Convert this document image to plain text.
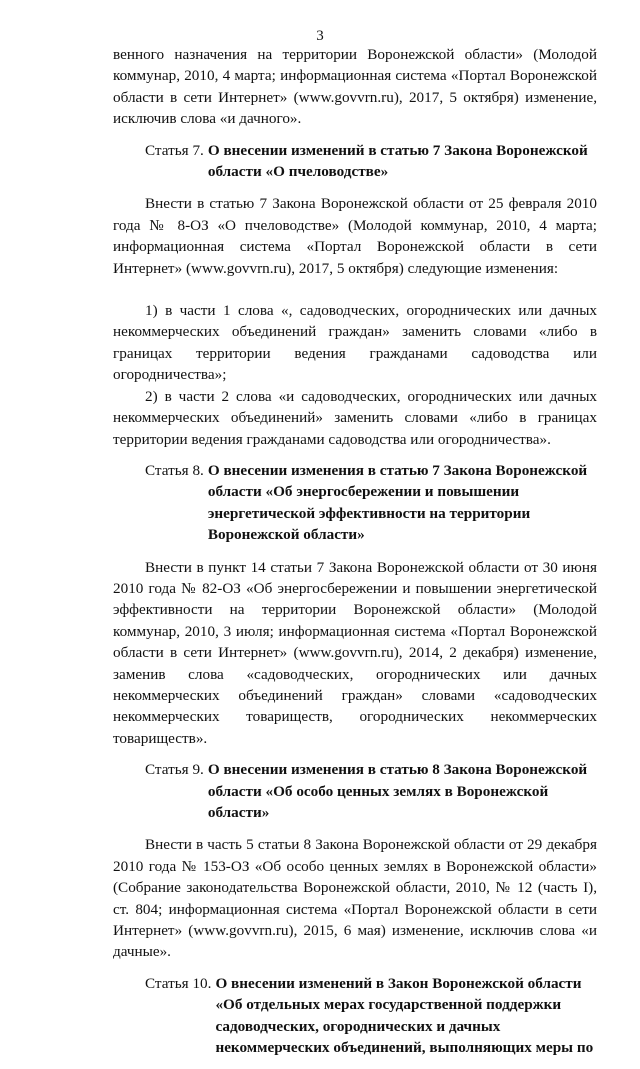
3

венного назначения на территории Воронежской области» (Молодой коммунар, 2010, 4 марта; информационная система «Портал Воронежской области в сети Интернет» (www.govvrn.ru), 2017, 5 октября) изменение, исключив слова «и дачного».

Статья 7. О внесении изменений в статью 7 Закона Воронежской области «О пчеловодстве»

Внести в статью 7 Закона Воронежской области от 25 февраля 2010 года № 8-ОЗ «О пчеловодстве» (Молодой коммунар, 2010, 4 марта; информационная система «Портал Воронежской области в сети Интернет» (www.govvrn.ru), 2017, 5 октября) следующие изменения:

1) в части 1 слова «, садоводческих, огороднических или дачных некоммерческих объединений граждан» заменить словами «либо в границах территории ведения гражданами садоводства или огородничества»;

2) в части 2 слова «и садоводческих, огороднических или дачных некоммерческих объединений» заменить словами «либо в границах территории ведения гражданами садоводства или огородничества».

Статья 8. О внесении изменения в статью 7 Закона Воронежской области «Об энергосбережении и повышении энергетической эффективности на территории Воронежской области»

Внести в пункт 14 статьи 7 Закона Воронежской области от 30 июня 2010 года № 82-ОЗ «Об энергосбережении и повышении энергетической эффективности на территории Воронежской области» (Молодой коммунар, 2010, 3 июля; информационная система «Портал Воронежской области в сети Интернет» (www.govvrn.ru), 2014, 2 декабря) изменение, заменив слова «садоводческих, огороднических или дачных некоммерческих объединений граждан» словами «садоводческих некоммерческих товариществ, огороднических некоммерческих товариществ».

Статья 9. О внесении изменения в статью 8 Закона Воронежской области «Об особо ценных землях в Воронежской области»

Внести в часть 5 статьи 8 Закона Воронежской области от 29 декабря 2010 года № 153-ОЗ «Об особо ценных землях в Воронежской области» (Собрание законодательства Воронежской области, 2010, № 12 (часть I), ст. 804; информационная система «Портал Воронежской области в сети Интернет» (www.govvrn.ru), 2015, 6 мая) изменение, исключив слова «и дачные».

Статья 10. О внесении изменений в Закон Воронежской области «Об отдельных мерах государственной поддержки садоводческих, огороднических и дачных некоммерческих объединений, выполняющих меры по
